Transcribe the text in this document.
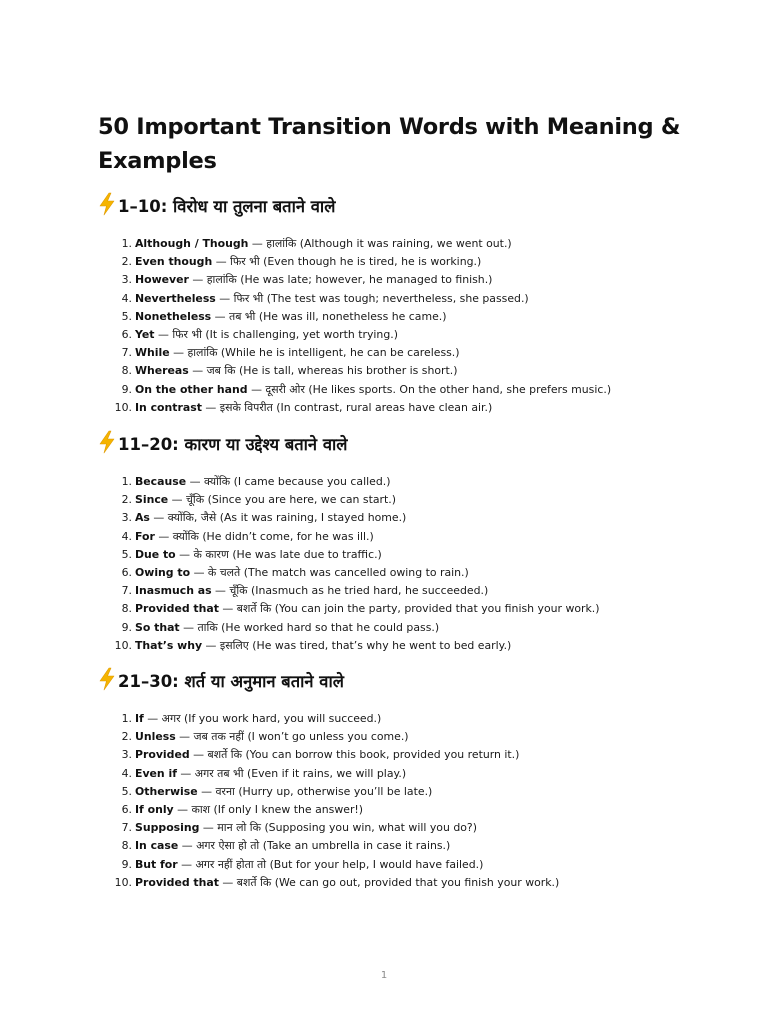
50 Important Transition Words with Meaning & Examples
1–10: विरोध या तुलना बताने वाले
1. Although / Though — हालांकि (Although it was raining, we went out.)
2. Even though — फिर भी (Even though he is tired, he is working.)
3. However — हालांकि (He was late; however, he managed to finish.)
4. Nevertheless — फिर भी (The test was tough; nevertheless, she passed.)
5. Nonetheless — तब भी (He was ill, nonetheless he came.)
6. Yet — फिर भी (It is challenging, yet worth trying.)
7. While — हालांकि (While he is intelligent, he can be careless.)
8. Whereas — जब कि (He is tall, whereas his brother is short.)
9. On the other hand — दूसरी ओर (He likes sports. On the other hand, she prefers music.)
10. In contrast — इसके विपरीत (In contrast, rural areas have clean air.)
11–20: कारण या उद्देश्य बताने वाले
1. Because — क्योंकि (I came because you called.)
2. Since — चूँकि (Since you are here, we can start.)
3. As — क्योंकि, जैसे (As it was raining, I stayed home.)
4. For — क्योंकि (He didn’t come, for he was ill.)
5. Due to — के कारण (He was late due to traffic.)
6. Owing to — के चलते (The match was cancelled owing to rain.)
7. Inasmuch as — चूँकि (Inasmuch as he tried hard, he succeeded.)
8. Provided that — बशर्ते कि (You can join the party, provided that you finish your work.)
9. So that — ताकि (He worked hard so that he could pass.)
10. That’s why — इसलिए (He was tired, that’s why he went to bed early.)
21–30: शर्त या अनुमान बताने वाले
1. If — अगर (If you work hard, you will succeed.)
2. Unless — जब तक नहीं (I won’t go unless you come.)
3. Provided — बशर्ते कि (You can borrow this book, provided you return it.)
4. Even if — अगर तब भी (Even if it rains, we will play.)
5. Otherwise — वरना (Hurry up, otherwise you’ll be late.)
6. If only — काश (If only I knew the answer!)
7. Supposing — मान लो कि (Supposing you win, what will you do?)
8. In case — अगर ऐसा हो तो (Take an umbrella in case it rains.)
9. But for — अगर नहीं होता तो (But for your help, I would have failed.)
10. Provided that — बशर्ते कि (We can go out, provided that you finish your work.)
1
